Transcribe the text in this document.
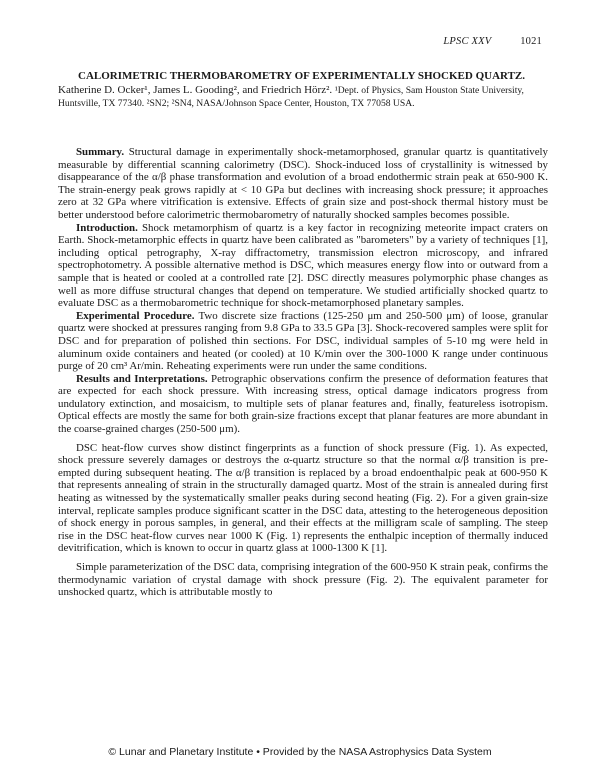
LPSC XXV	1021
CALORIMETRIC THERMOBAROMETRY OF EXPERIMENTALLY SHOCKED QUARTZ. Katherine D. Ocker¹, James L. Gooding², and Friedrich Hörz². ¹Dept. of Physics, Sam Houston State University, Huntsville, TX 77340. ²SN2; ²SN4, NASA/Johnson Space Center, Houston, TX 77058 USA.

Summary. Structural damage in experimentally shock-metamorphosed, granular quartz is quantitatively measurable by differential scanning calorimetry (DSC). Shock-induced loss of crystallinity is witnessed by disappearance of the α/β phase transformation and evolution of a broad endothermic strain peak at 650-900 K. The strain-energy peak grows rapidly at < 10 GPa but declines with increasing shock pressure; it approaches zero at 32 GPa where vitrification is extensive. Effects of grain size and post-shock thermal history must be better understood before calorimetric thermobarometry of naturally shocked samples becomes possible.

Introduction. Shock metamorphism of quartz is a key factor in recognizing meteorite impact craters on Earth. Shock-metamorphic effects in quartz have been calibrated as "barometers" by a variety of techniques [1], including optical petrography, X-ray diffractometry, transmission electron microscopy, and infrared spectrophotometry. A possible alternative method is DSC, which measures energy flow into or outward from a sample that is heated or cooled at a controlled rate [2]. DSC directly measures polymorphic phase changes as well as more diffuse structural changes that depend on temperature. We studied artificially shocked quartz to evaluate DSC as a thermobarometric technique for shock-metamorphosed planetary samples.

Experimental Procedure. Two discrete size fractions (125-250 μm and 250-500 μm) of loose, granular quartz were shocked at pressures ranging from 9.8 GPa to 33.5 GPa [3]. Shock-recovered samples were split for DSC and for preparation of polished thin sections. For DSC, individual samples of 5-10 mg were held in aluminum oxide containers and heated (or cooled) at 10 K/min over the 300-1000 K range under continuous purge of 20 cm³ Ar/min. Reheating experiments were run under the same conditions.

Results and Interpretations. Petrographic observations confirm the presence of deformation features that are expected for each shock pressure. With increasing stress, optical damage indicators progress from undulatory extinction, and mosaicism, to multiple sets of planar features and, finally, featureless isotropism. Optical effects are mostly the same for both grain-size fractions except that planar features are more abundant in the coarse-grained charges (250-500 μm).

DSC heat-flow curves show distinct fingerprints as a function of shock pressure (Fig. 1). As expected, shock pressure severely damages or destroys the α-quartz structure so that the normal α/β transition is pre-empted during subsequent heating. The α/β transition is replaced by a broad endoenthalpic peak at 600-950 K that represents annealing of strain in the structurally damaged quartz. Most of the strain is annealed during first heating as witnessed by the systematically smaller peaks during second heating (Fig. 2). For a given grain-size interval, replicate samples produce significant scatter in the DSC data, attesting to the heterogeneous deposition of shock energy in porous samples, in general, and their effects at the milligram scale of sampling. The steep rise in the DSC heat-flow curves near 1000 K (Fig. 1) represents the enthalpic inception of thermally induced devitrification, which is known to occur in quartz glass at 1000-1300 K [1].

Simple parameterization of the DSC data, comprising integration of the 600-950 K strain peak, confirms the thermodynamic variation of crystal damage with shock pressure (Fig. 2). The equivalent parameter for unshocked quartz, which is attributable mostly to

© Lunar and Planetary Institute • Provided by the NASA Astrophysics Data System
